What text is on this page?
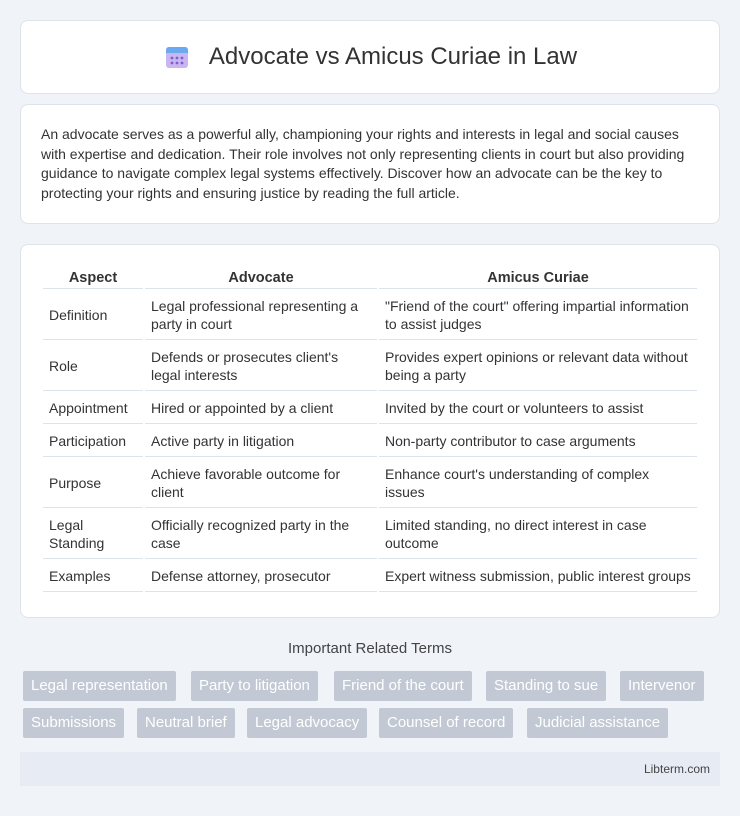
Advocate vs Amicus Curiae in Law

An advocate serves as a powerful ally, championing your rights and interests in legal and social causes with expertise and dedication. Their role involves not only representing clients in court but also providing guidance to navigate complex legal systems effectively. Discover how an advocate can be the key to protecting your rights and ensuring justice by reading the full article.

Aspect	Advocate	Amicus Curiae
Definition	Legal professional representing a party in court	"Friend of the court" offering impartial information to assist judges
Role	Defends or prosecutes client's legal interests	Provides expert opinions or relevant data without being a party
Appointment	Hired or appointed by a client	Invited by the court or volunteers to assist
Participation	Active party in litigation	Non-party contributor to case arguments
Purpose	Achieve favorable outcome for client	Enhance court's understanding of complex issues
Legal Standing	Officially recognized party in the case	Limited standing, no direct interest in case outcome
Examples	Defense attorney, prosecutor	Expert witness submission, public interest groups
Important Related Terms
Legal representation	Party to litigation	Friend of the court	Standing to sue	Intervenor
Submissions	Neutral brief	Legal advocacy	Counsel of record	Judicial assistance
Libterm.com
